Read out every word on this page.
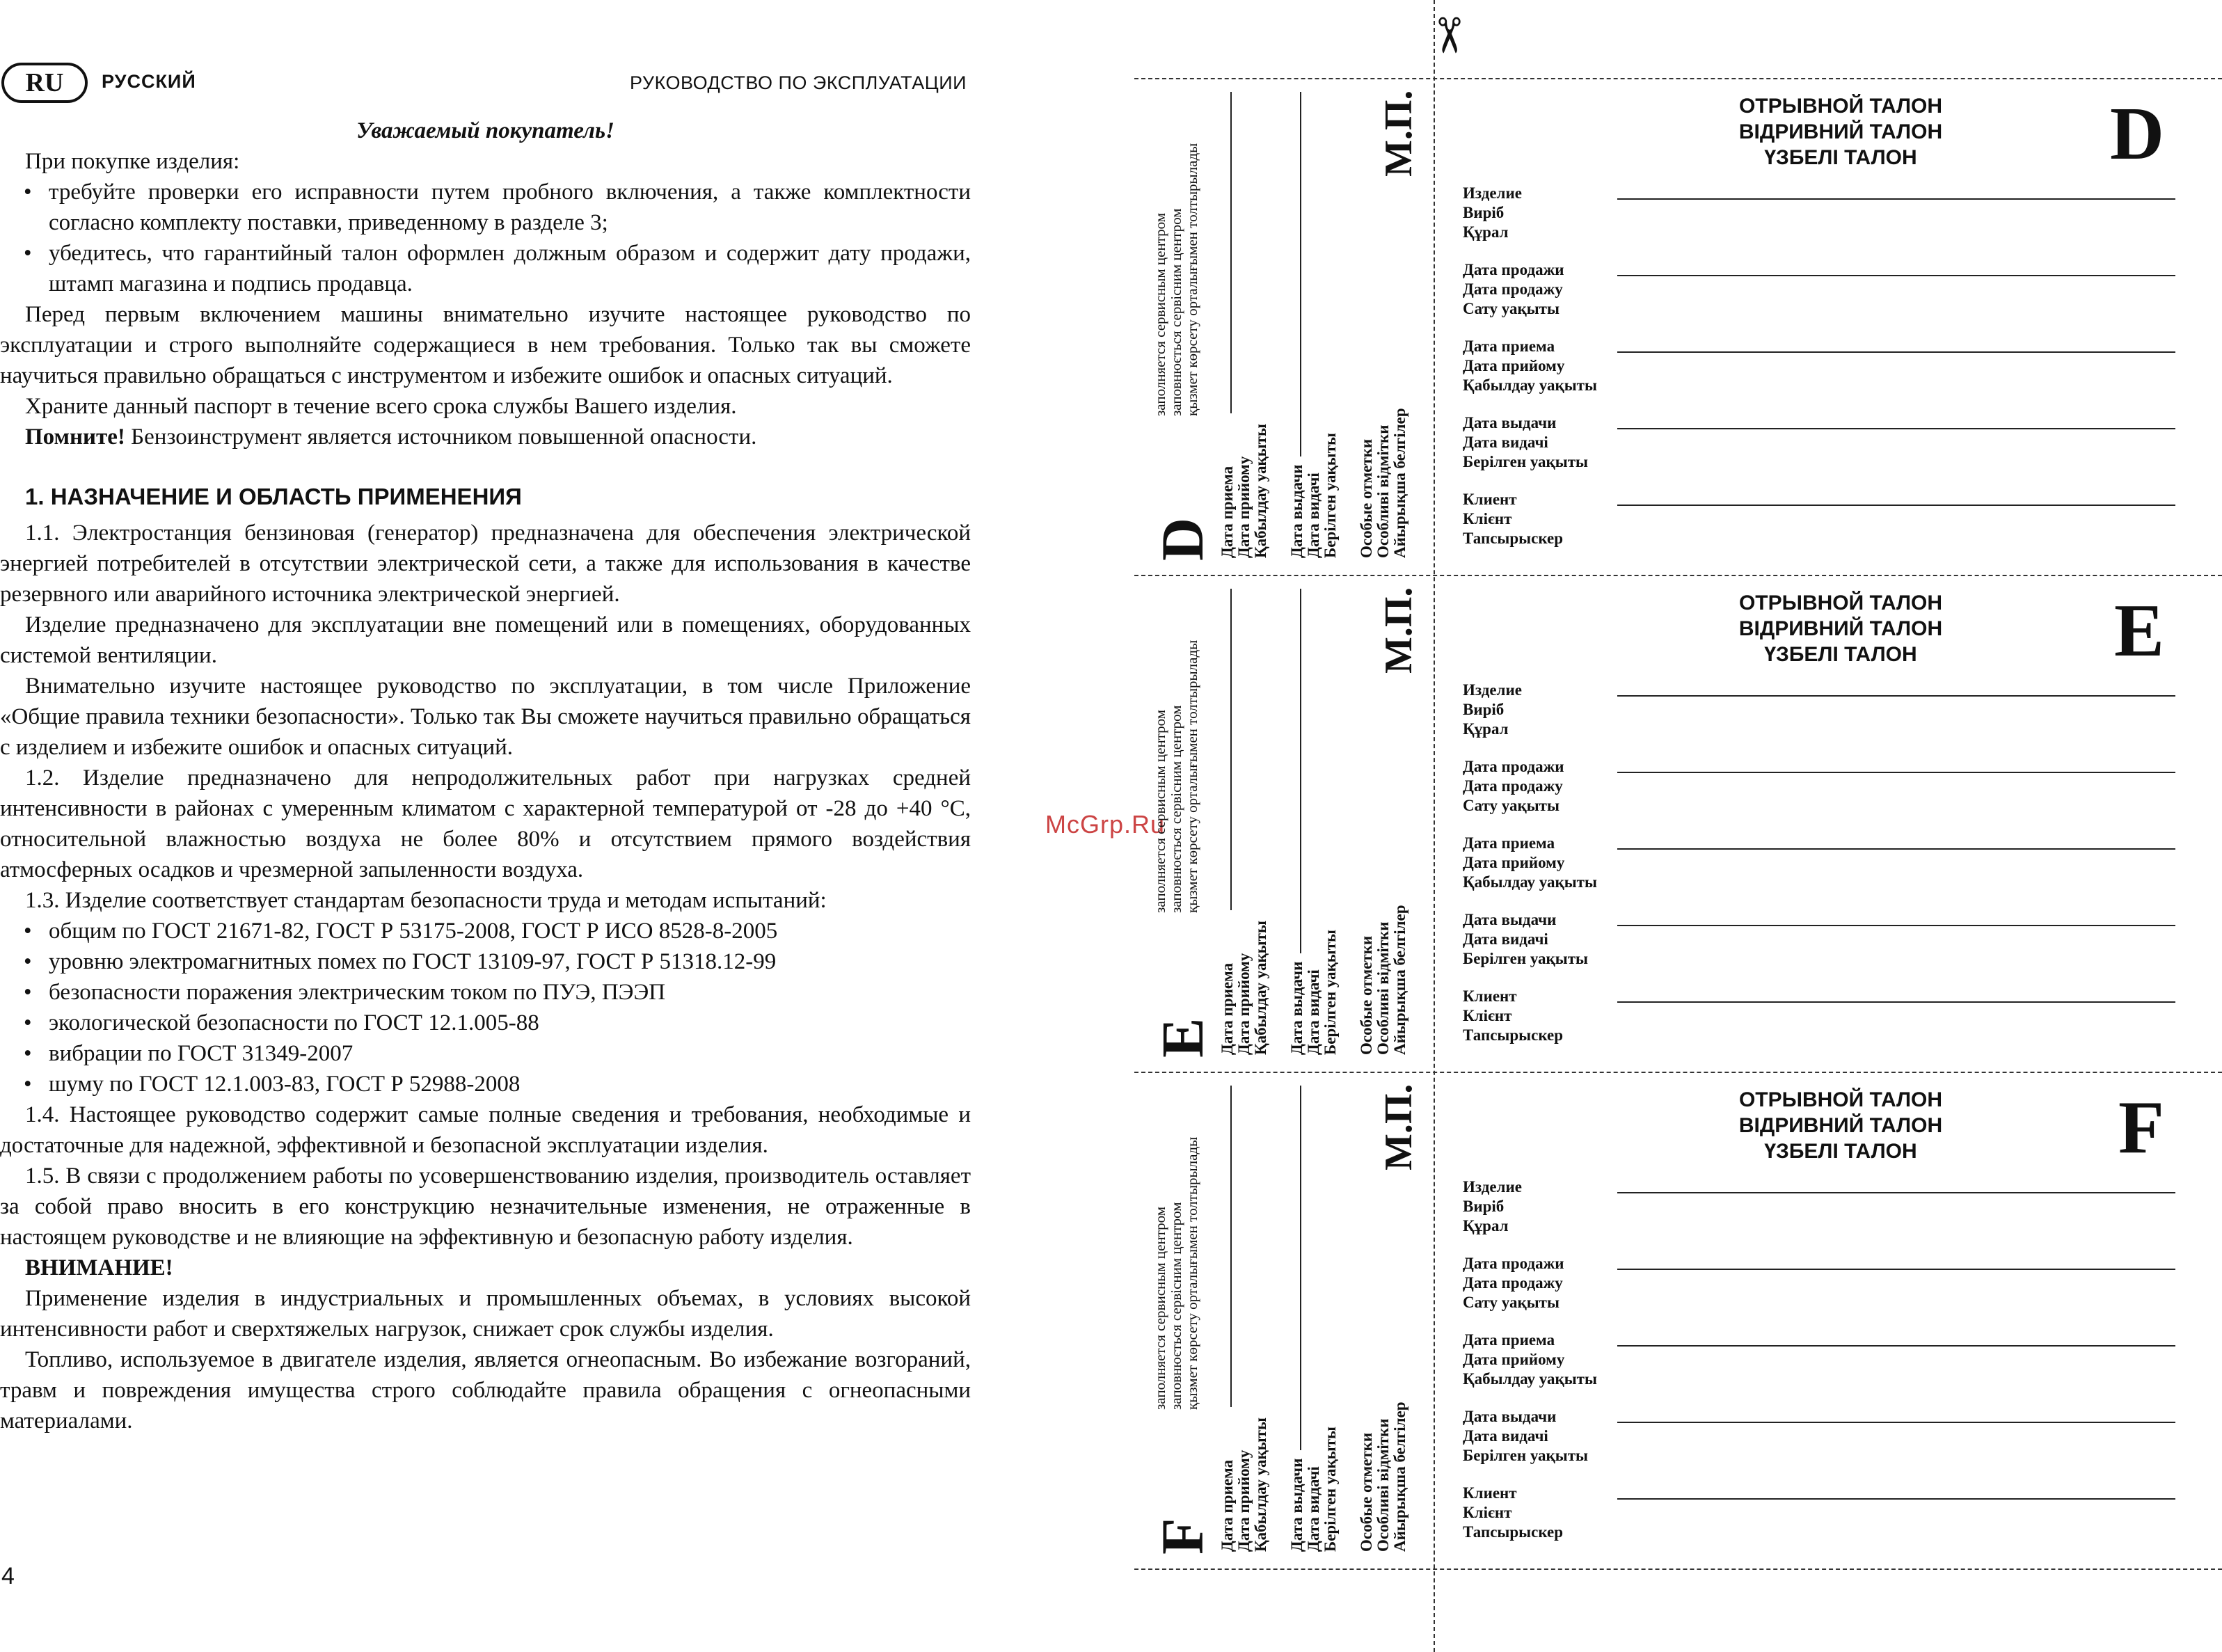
RU	РУССКИЙ	РУКОВОДСТВО ПО ЭКСПЛУАТАЦИИ

Уважаемый покупатель!

При покупке изделия:

• требуйте проверки его исправности путем пробного включения, а также комплектности согласно комплекту поставки, приведенному в разделе 3;

• убедитесь, что гарантийный талон оформлен должным образом и содержит дату продажи, штамп магазина и подпись продавца.

Перед первым включением машины внимательно изучите настоящее руководство по эксплуатации и строго выполняйте содержащиеся в нем требования. Только так вы сможете научиться правильно обращаться с инструментом и избежите ошибок и опасных ситуаций.

Храните данный паспорт в течение всего срока службы Вашего изделия.

Помните! Бензоинструмент является источником повышенной опасности.

1. НАЗНАЧЕНИЕ И ОБЛАСТЬ ПРИМЕНЕНИЯ

1.1. Электростанция бензиновая (генератор) предназначена для обеспечения электрической энергией потребителей в отсутствии электрической сети, а также для использования в качестве резервного или аварийного источника электрической энергией.

Изделие предназначено для эксплуатации вне помещений или в помещениях, оборудованных системой вентиляции.

Внимательно изучите настоящее руководство по эксплуатации, в том числе Приложение «Общие правила техники безопасности». Только так Вы сможете научиться правильно обращаться с изделием и избежите ошибок и опасных ситуаций.

1.2. Изделие предназначено для непродолжительных работ при нагрузках средней интенсивности в районах с умеренным климатом с характерной температурой от -28 до +40 °С, относительной влажностью воздуха не более 80% и отсутствием прямого воздействия атмосферных осадков и чрезмерной запыленности воздуха.

1.3. Изделие соответствует стандартам безопасности труда и методам испытаний:

• общим по ГОСТ 21671-82, ГОСТ Р 53175-2008, ГОСТ Р ИСО 8528-8-2005

• уровню электромагнитных помех по ГОСТ 13109-97, ГОСТ Р 51318.12-99

• безопасности поражения электрическим током по ПУЭ, ПЭЭП

• экологической безопасности по ГОСТ 12.1.005-88

• вибрации по ГОСТ 31349-2007

• шуму по ГОСТ 12.1.003-83, ГОСТ Р 52988-2008

1.4. Настоящее руководство содержит самые полные сведения и требования, необходимые и достаточные для надежной, эффективной и безопасной эксплуатации изделия.

1.5. В связи с продолжением работы по усовершенствованию изделия, производитель оставляет за собой право вносить в его конструкцию незначительные изменения, не отраженные в настоящем руководстве и не влияющие на эффективную и безопасную работу изделия.

ВНИМАНИЕ!

Применение изделия в индустриальных и промышленных объемах, в условиях высокой интенсивности работ и сверхтяжелых нагрузок, снижает срок службы изделия.

Топливо, используемое в двигателе изделия, является огнеопасным. Во избежание возгораний, травм и повреждения имущества строго соблюдайте правила обращения с огнеопасными материалами.

4
✂
McGrp.Ru
D
заполняется сервисным центром заповнюється сервісним центром қызмет көрсету орталығымен толтырылады
Дата приема Дата прийому Қабылдау уақыты Дата выдачи Дата видачі Берілген уақыты Особые отметки Особливі відмітки Айырықша белгілер
М.П.	ОТРЫВНОЙ ТАЛОН
ВІДРИВНИЙ ТАЛОН
ҮЗБЕЛІ ТАЛОН	D
Изделие
Виріб
Құрал
Дата продажи
Дата продажу
Сату уақыты
Дата приема
Дата прийому
Қабылдау уақыты
Дата выдачи
Дата видачі
Берілген уақыты
Клиент
Клієнт
Тапсырыскер
E
заполняется сервисным центром заповнюється сервісним центром қызмет көрсету орталығымен толтырылады
Дата приема Дата прийому Қабылдау уақыты Дата выдачи Дата видачі Берілген уақыты Особые отметки Особливі відмітки Айырықша белгілер
М.П.	ОТРЫВНОЙ ТАЛОН
ВІДРИВНИЙ ТАЛОН
ҮЗБЕЛІ ТАЛОН	E
Изделие
Виріб
Құрал
Дата продажи
Дата продажу
Сату уақыты
Дата приема
Дата прийому
Қабылдау уақыты
Дата выдачи
Дата видачі
Берілген уақыты
Клиент
Клієнт
Тапсырыскер
F
заполняется сервисным центром заповнюється сервісним центром қызмет көрсету орталығымен толтырылады
Дата приема Дата прийому Қабылдау уақыты Дата выдачи Дата видачі Берілген уақыты Особые отметки Особливі відмітки Айырықша белгілер
М.П.	ОТРЫВНОЙ ТАЛОН
ВІДРИВНИЙ ТАЛОН
ҮЗБЕЛІ ТАЛОН	F
Изделие
Виріб
Құрал
Дата продажи
Дата продажу
Сату уақыты
Дата приема
Дата прийому
Қабылдау уақыты
Дата выдачи
Дата видачі
Берілген уақыты
Клиент
Клієнт
Тапсырыскер
